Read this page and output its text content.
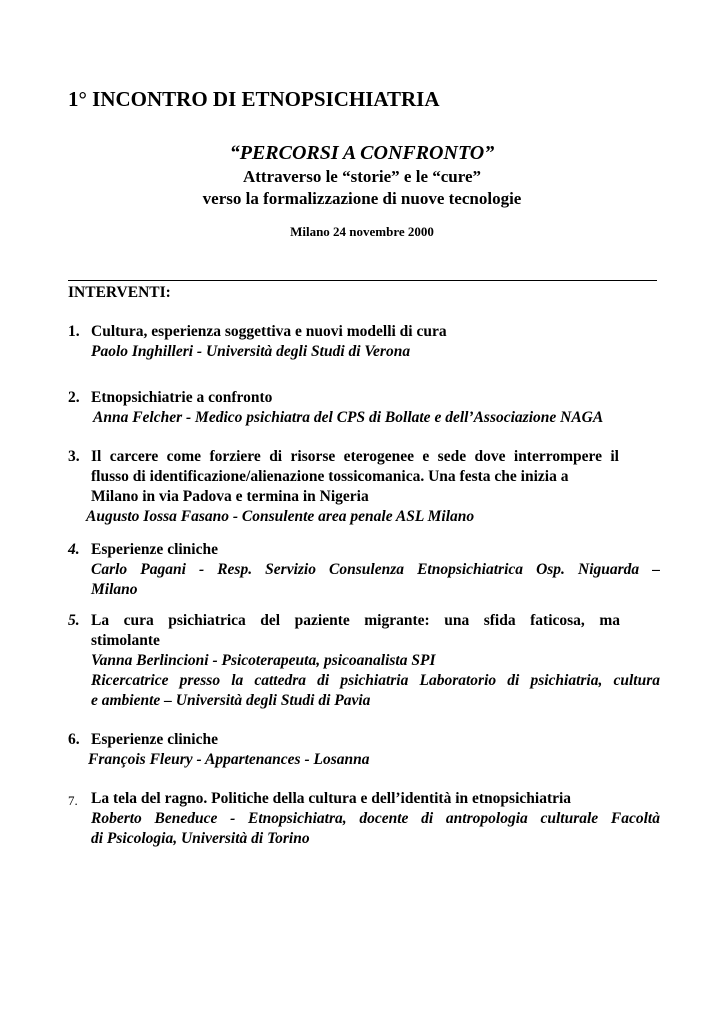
1° INCONTRO DI ETNOPSICHIATRIA
“PERCORSI A CONFRONTO”
Attraverso le “storie” e le “cure”
verso la formalizzazione di nuove tecnologie
Milano 24 novembre 2000
INTERVENTI:
1. Cultura, esperienza soggettiva e nuovi modelli di cura
Paolo Inghilleri - Università degli Studi di Verona
2. Etnopsichiatrie a confronto
Anna Felcher - Medico psichiatra del CPS di Bollate e dell’Associazione NAGA
3. Il carcere come forziere di risorse eterogenee e sede dove interrompere il
flusso di identificazione/alienazione tossicomanica. Una festa che inizia a
Milano in via Padova e termina in Nigeria
Augusto Iossa Fasano - Consulente area penale ASL Milano
4. Esperienze cliniche
Carlo Pagani - Resp. Servizio Consulenza Etnopsichiatrica Osp. Niguarda –
Milano
5. La cura psichiatrica del paziente migrante: una sfida faticosa, ma
stimolante
Vanna Berlincioni - Psicoterapeuta, psicoanalista SPI
Ricercatrice presso la cattedra di psichiatria Laboratorio di psichiatria, cultura
e ambiente – Università degli Studi di Pavia
6. Esperienze cliniche
François Fleury - Appartenances - Losanna
7. La tela del ragno. Politiche della cultura e dell’identità in etnopsichiatria
Roberto Beneduce - Etnopsichiatra, docente di antropologia culturale Facoltà
di Psicologia, Università di Torino
